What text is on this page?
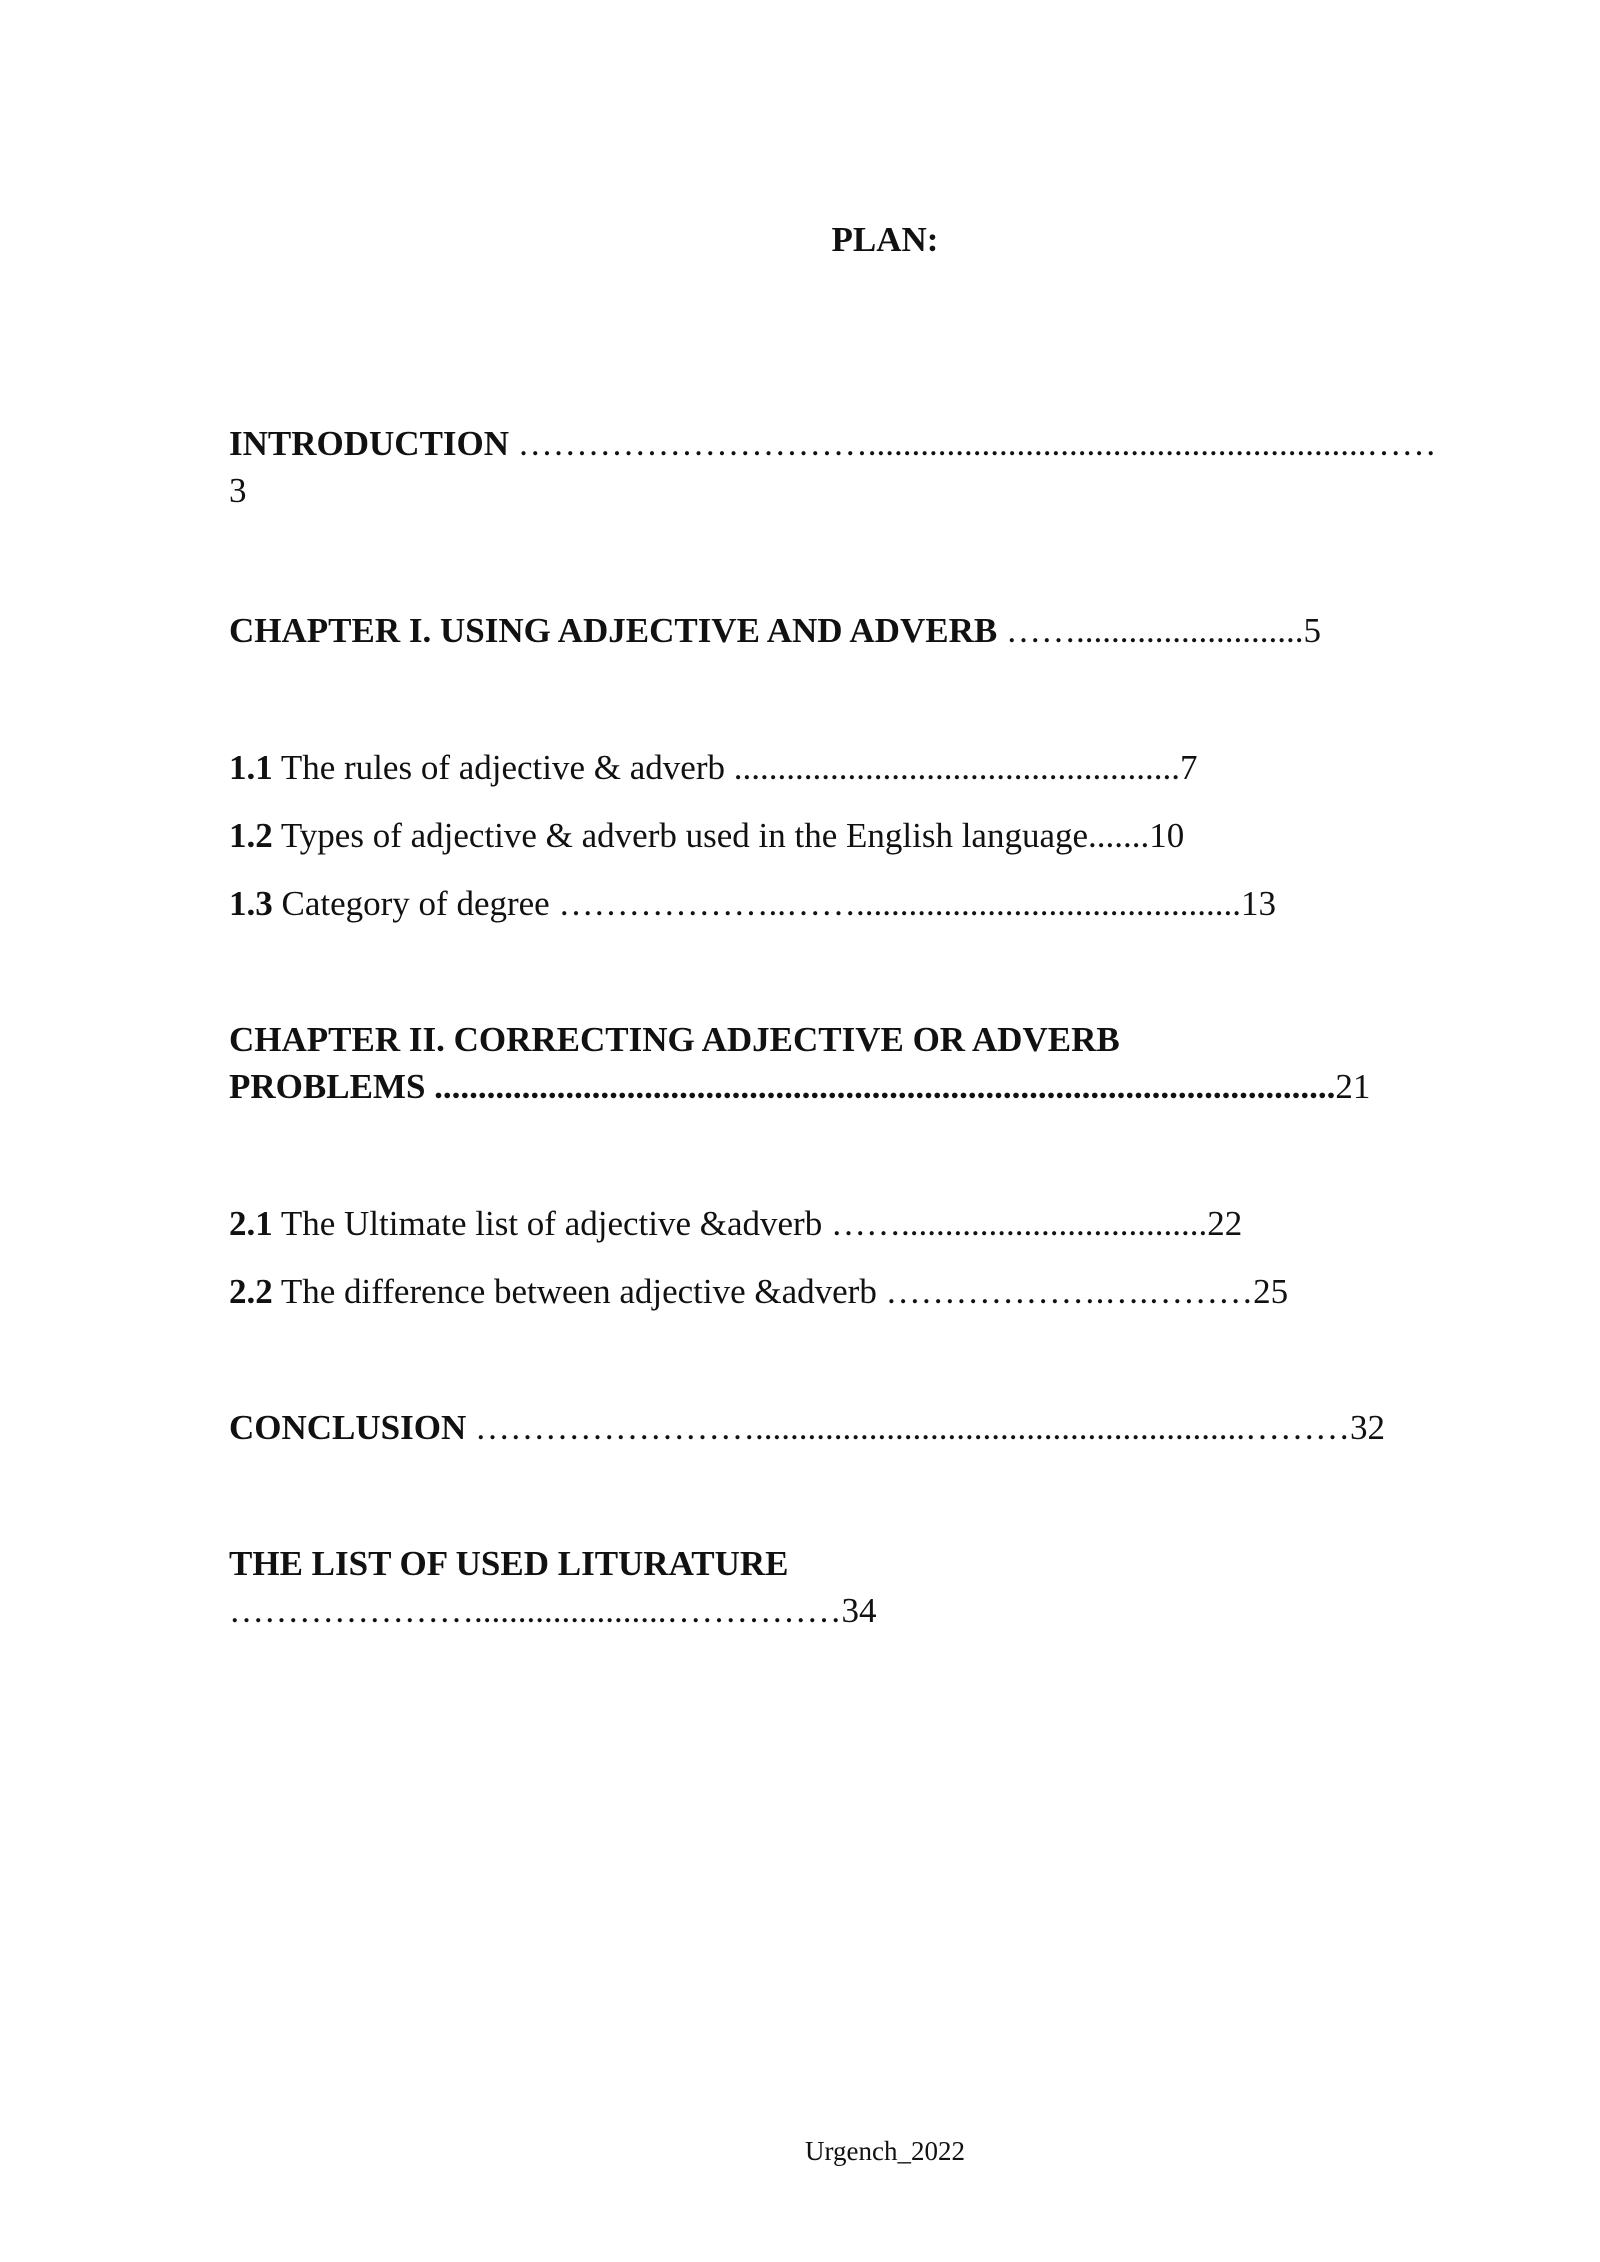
PLAN:
INTRODUCTION ………………………….........................................................……
3
CHAPTER I. USING ADJECTIVE AND ADVERB ……..........................5
1.1 The rules of adjective & adverb ...................................................7
1.2 Types of adjective & adverb used in the English language.......10
1.3 Category of degree ………………..……............................................13
CHAPTER II. CORRECTING ADJECTIVE OR ADVERB
PROBLEMS .......................................................................................................21
2.1 The Ultimate list of adjective &adverb ……...................................22
2.2 The difference between adjective &adverb ……………….….………25
CONCLUSION ……………………........................................................………32
THE LIST OF USED LITURATURE
…………………......................……………34
Urgench_2022
